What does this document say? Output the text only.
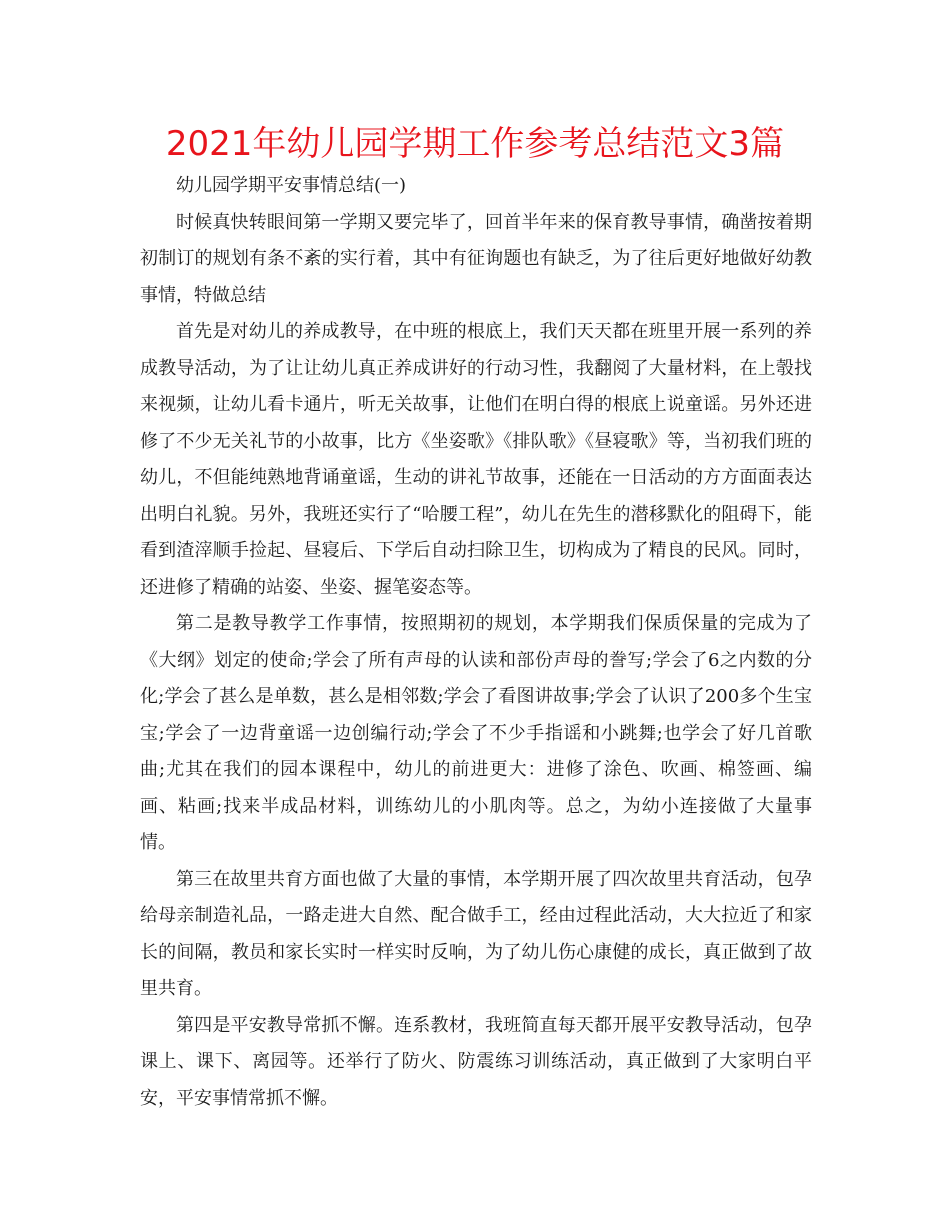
2021年幼儿园学期工作参考总结范文3篇

幼儿园学期平安事情总结(一)

时候真快转眼间第一学期又要完毕了，回首半年来的保育教导事情，确凿按着期初制订的规划有条不紊的实行着，其中有征询题也有缺乏，为了往后更好地做好幼教事情，特做总结

首先是对幼儿的养成教导，在中班的根底上，我们天天都在班里开展一系列的养成教导活动，为了让让幼儿真正养成讲好的行动习性，我翻阅了大量材料，在上彀找来视频，让幼儿看卡通片，听无关故事，让他们在明白得的根底上说童谣。另外还进修了不少无关礼节的小故事，比方《坐姿歌》《排队歌》《昼寝歌》等，当初我们班的幼儿，不但能纯熟地背诵童谣，生动的讲礼节故事，还能在一日活动的方方面面表达出明白礼貌。另外，我班还实行了“哈腰工程”，幼儿在先生的潜移默化的阻碍下，能看到渣滓顺手捡起、昼寝后、下学后自动扫除卫生，切构成为了精良的民风。同时，还进修了精确的站姿、坐姿、握笔姿态等。

第二是教导教学工作事情，按照期初的规划，本学期我们保质保量的完成为了《大纲》划定的使命;学会了所有声母的认读和部份声母的誊写;学会了6之内数的分化;学会了甚么是单数，甚么是相邻数;学会了看图讲故事;学会了认识了200多个生宝宝;学会了一边背童谣一边创编行动;学会了不少手指谣和小跳舞;也学会了好几首歌曲;尤其在我们的园本课程中，幼儿的前进更大：进修了涂色、吹画、棉签画、编画、粘画;找来半成品材料，训练幼儿的小肌肉等。总之，为幼小连接做了大量事情。

第三在故里共育方面也做了大量的事情，本学期开展了四次故里共育活动，包孕给母亲制造礼品，一路走进大自然、配合做手工，经由过程此活动，大大拉近了和家长的间隔，教员和家长实时一样实时反响，为了幼儿伤心康健的成长，真正做到了故里共育。

第四是平安教导常抓不懈。连系教材，我班简直每天都开展平安教导活动，包孕课上、课下、离园等。还举行了防火、防震练习训练活动，真正做到了大家明白平安，平安事情常抓不懈。
